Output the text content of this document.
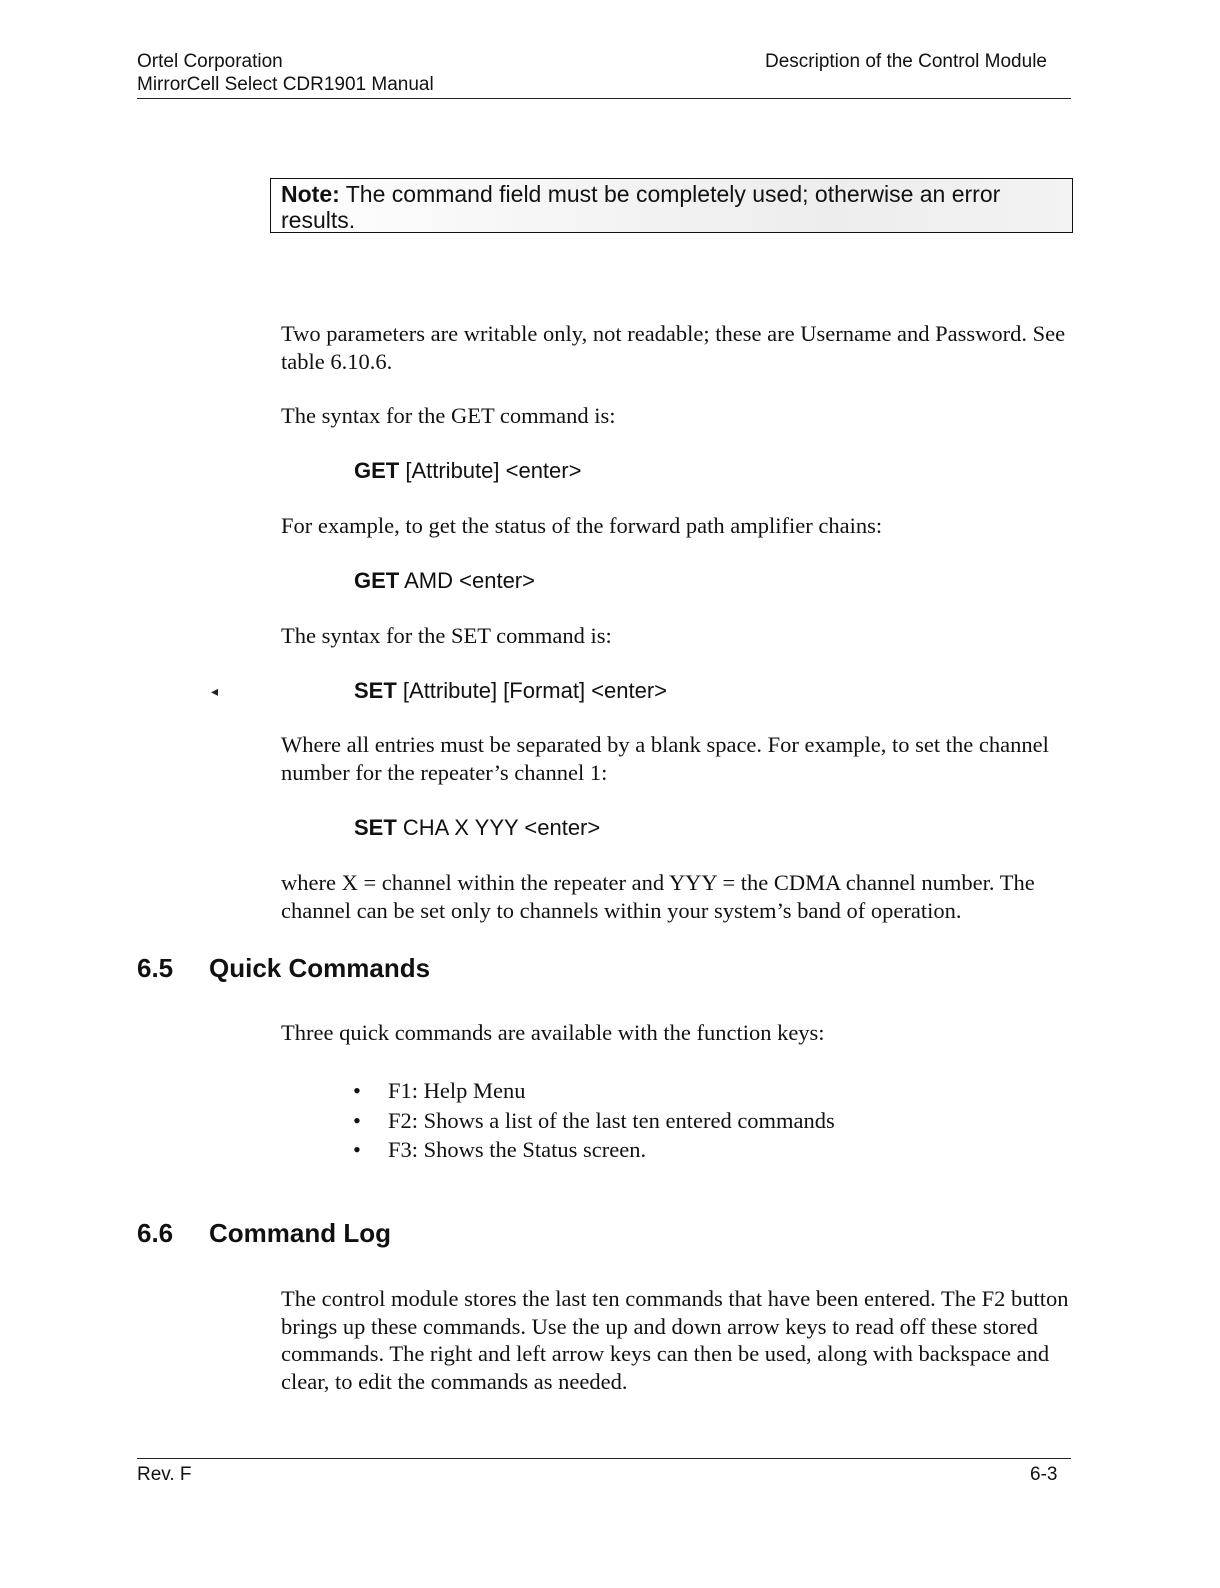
Ortel Corporation
MirrorCell Select CDR1901 Manual
Description of the Control Module
Note: The command field must be completely used; otherwise an error results.
Two parameters are writable only, not readable; these are Username and Password. See table 6.10.6.
The syntax for the GET command is:
GET [Attribute] <enter>
For example, to get the status of the forward path amplifier chains:
GET AMD <enter>
The syntax for the SET command is:
◂	SET [Attribute] [Format] <enter>
Where all entries must be separated by a blank space. For example, to set the channel number for the repeater’s channel 1:
SET CHA X YYY <enter>
where X = channel within the repeater and YYY = the CDMA channel number. The channel can be set only to channels within your system’s band of operation.
6.5 Quick Commands
Three quick commands are available with the function keys:
• F1: Help Menu
• F2: Shows a list of the last ten entered commands
• F3: Shows the Status screen.
6.6 Command Log
The control module stores the last ten commands that have been entered. The F2 button brings up these commands. Use the up and down arrow keys to read off these stored commands. The right and left arrow keys can then be used, along with backspace and clear, to edit the commands as needed.
Rev. F	6-3
